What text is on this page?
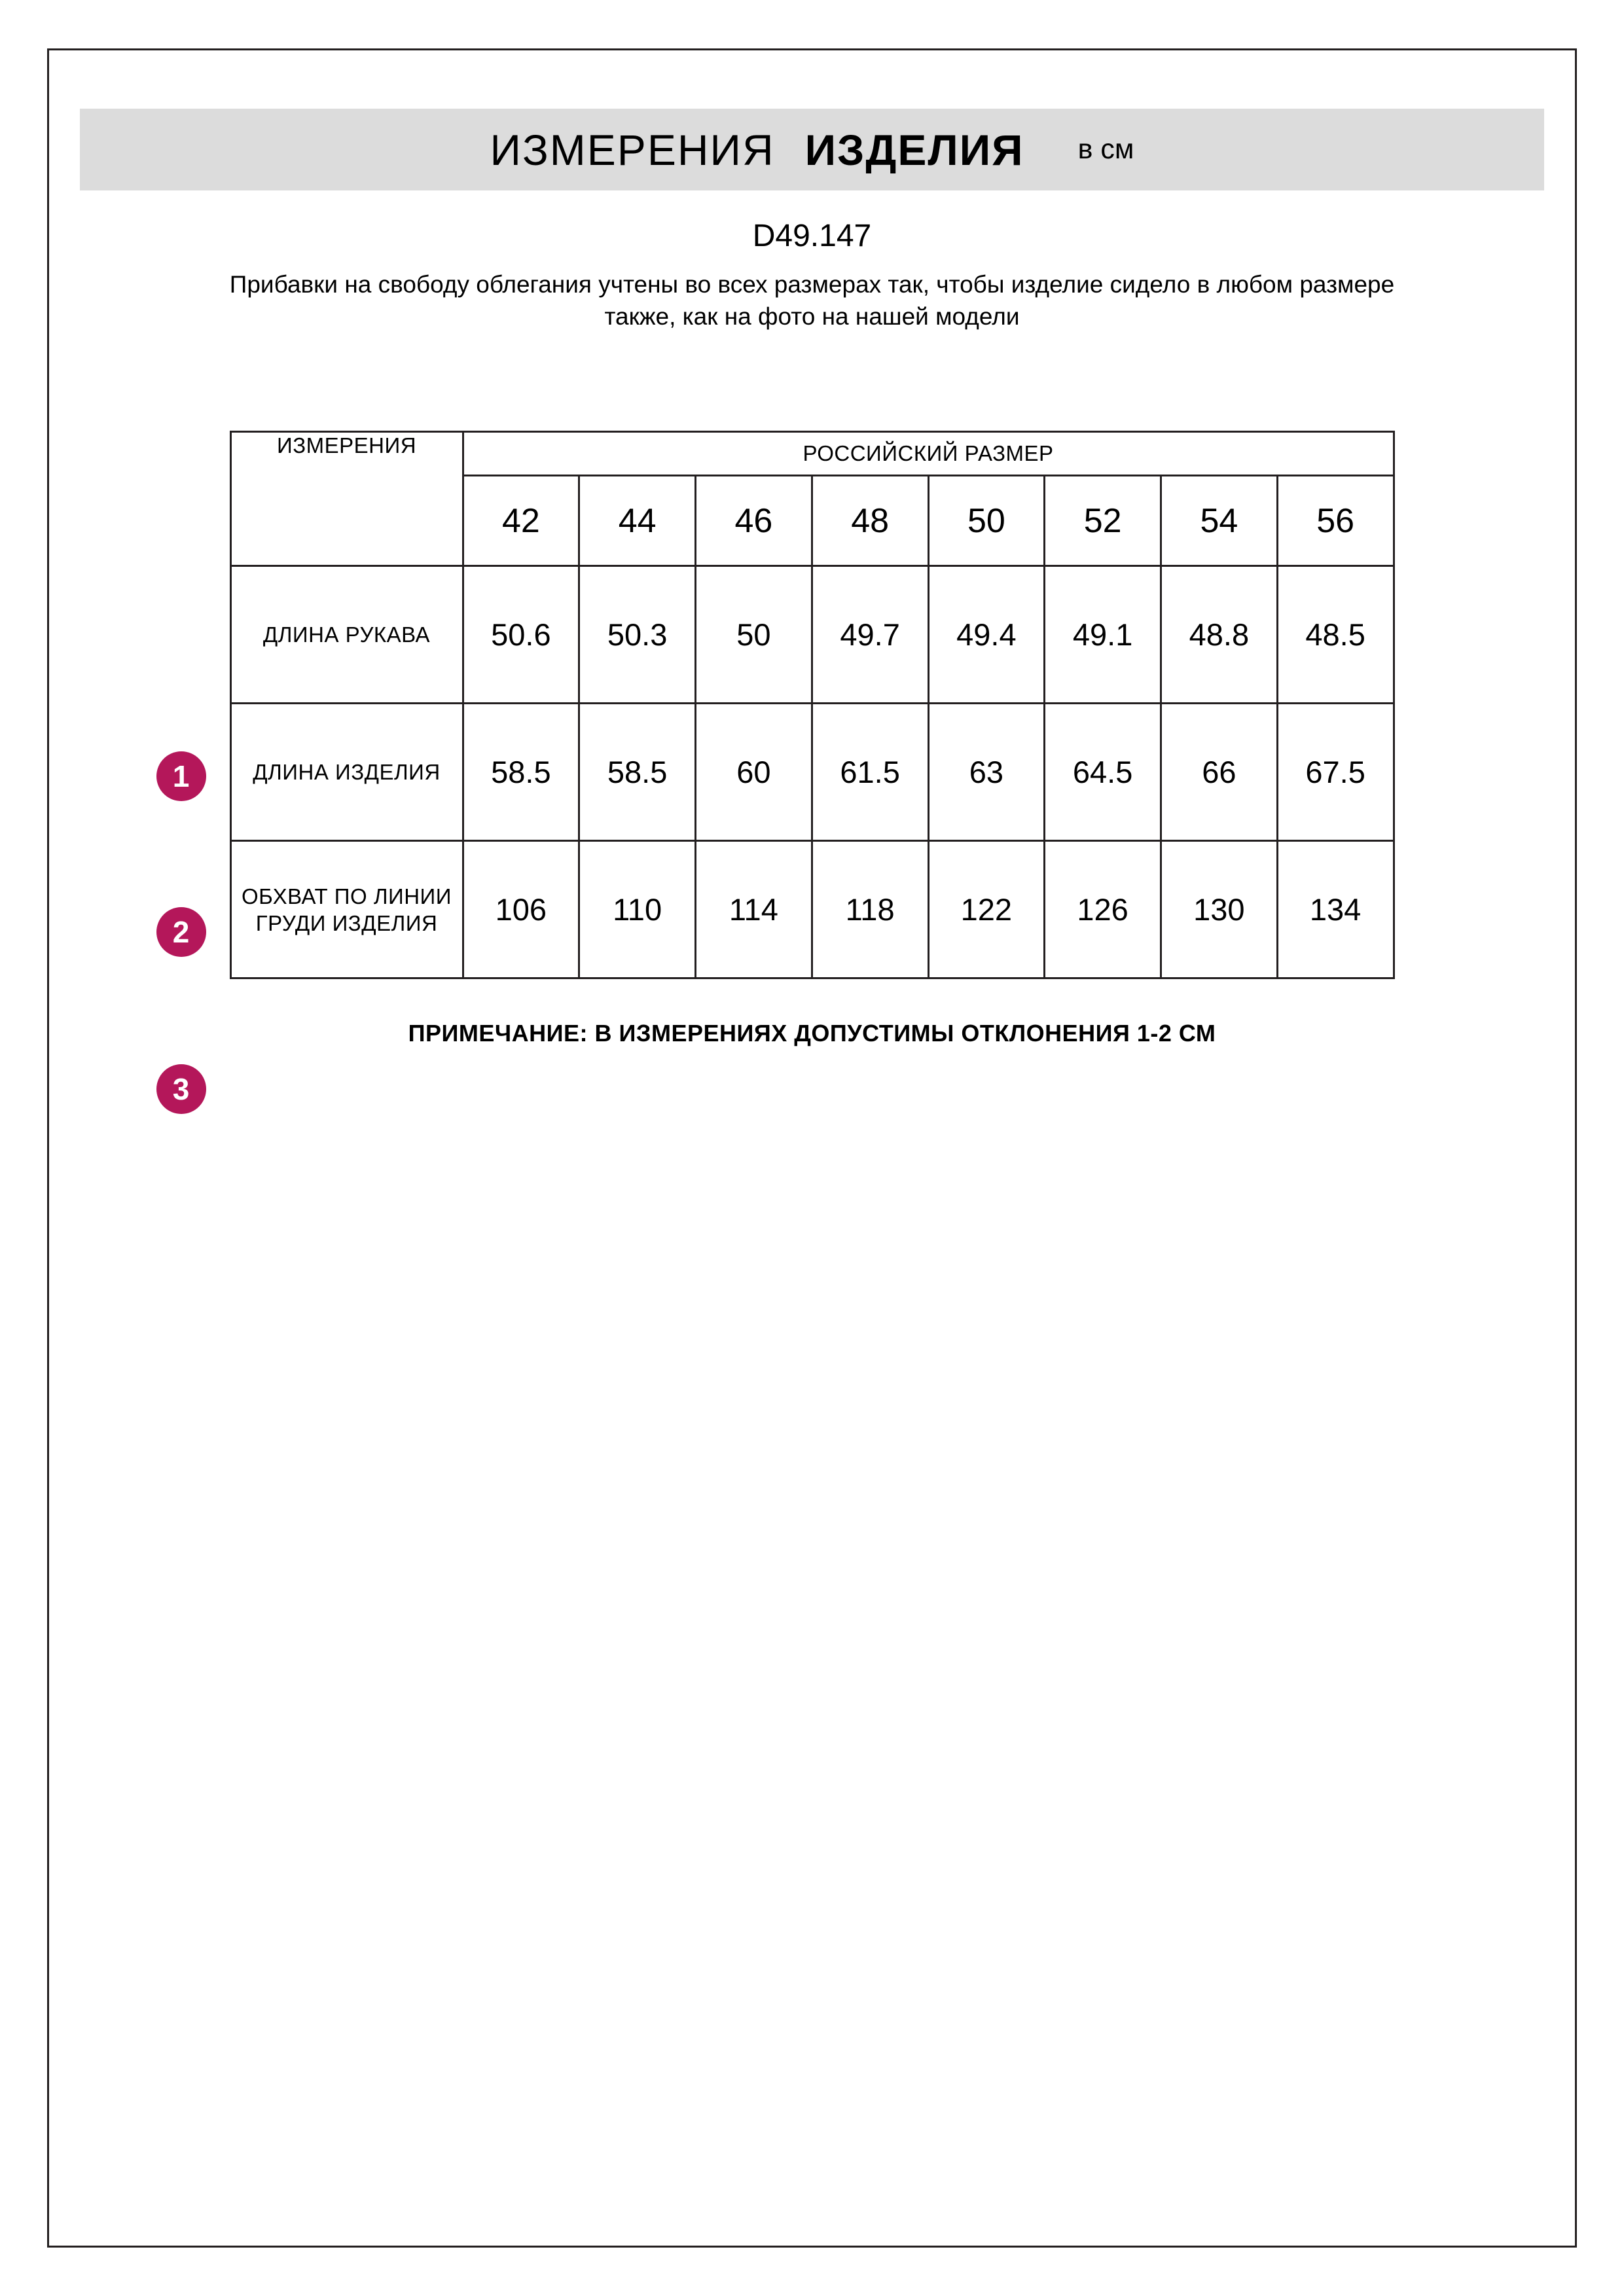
ИЗМЕРЕНИЯ ИЗДЕЛИЯ в см
D49.147
Прибавки на свободу облегания учтены во всех размерах так, чтобы изделие сидело в любом размере также, как на фото на нашей модели
1
2
3
ИЗМЕРЕНИЯ	РОССИЙСКИЙ РАЗМЕР							
	42	44	46	48	50	52	54	56
ДЛИНА РУКАВА	50.6	50.3	50	49.7	49.4	49.1	48.8	48.5
ДЛИНА ИЗДЕЛИЯ	58.5	58.5	60	61.5	63	64.5	66	67.5
ОБХВАТ ПО ЛИНИИ ГРУДИ ИЗДЕЛИЯ	106	110	114	118	122	126	130	134
ПРИМЕЧАНИЕ: В ИЗМЕРЕНИЯХ ДОПУСТИМЫ ОТКЛОНЕНИЯ 1-2 СМ
